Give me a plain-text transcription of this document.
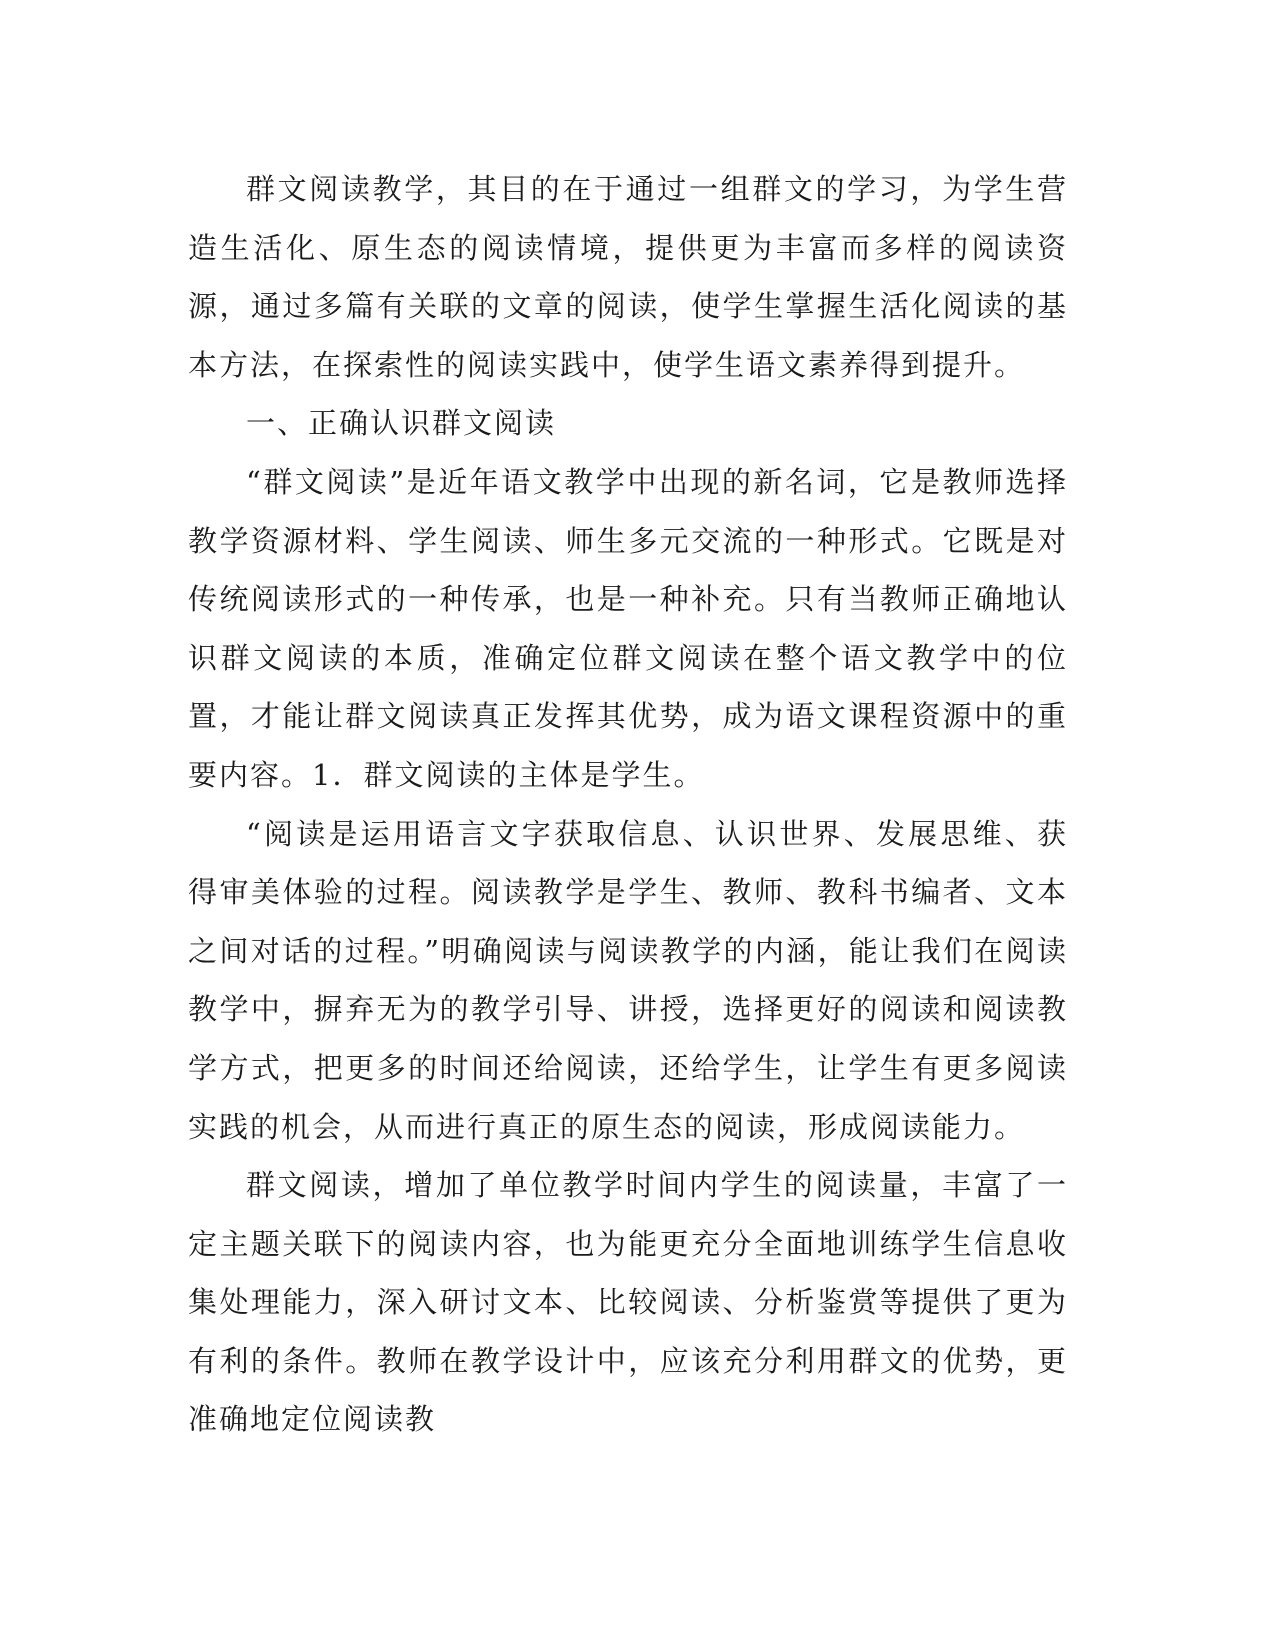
群文阅读教学，其目的在于通过一组群文的学习，为学生营造生活化、原生态的阅读情境，提供更为丰富而多样的阅读资源，通过多篇有关联的文章的阅读，使学生掌握生活化阅读的基本方法，在探索性的阅读实践中，使学生语文素养得到提升。

一、正确认识群文阅读

“群文阅读”是近年语文教学中出现的新名词，它是教师选择教学资源材料、学生阅读、师生多元交流的一种形式。它既是对传统阅读形式的一种传承，也是一种补充。只有当教师正确地认识群文阅读的本质，准确定位群文阅读在整个语文教学中的位置，才能让群文阅读真正发挥其优势，成为语文课程资源中的重要内容。1．群文阅读的主体是学生。

“阅读是运用语言文字获取信息、认识世界、发展思维、获得审美体验的过程。阅读教学是学生、教师、教科书编者、文本之间对话的过程。”明确阅读与阅读教学的内涵，能让我们在阅读教学中，摒弃无为的教学引导、讲授，选择更好的阅读和阅读教学方式，把更多的时间还给阅读，还给学生，让学生有更多阅读实践的机会，从而进行真正的原生态的阅读，形成阅读能力。

群文阅读，增加了单位教学时间内学生的阅读量，丰富了一定主题关联下的阅读内容，也为能更充分全面地训练学生信息收集处理能力，深入研讨文本、比较阅读、分析鉴赏等提供了更为有利的条件。教师在教学设计中，应该充分利用群文的优势，更准确地定位阅读教
